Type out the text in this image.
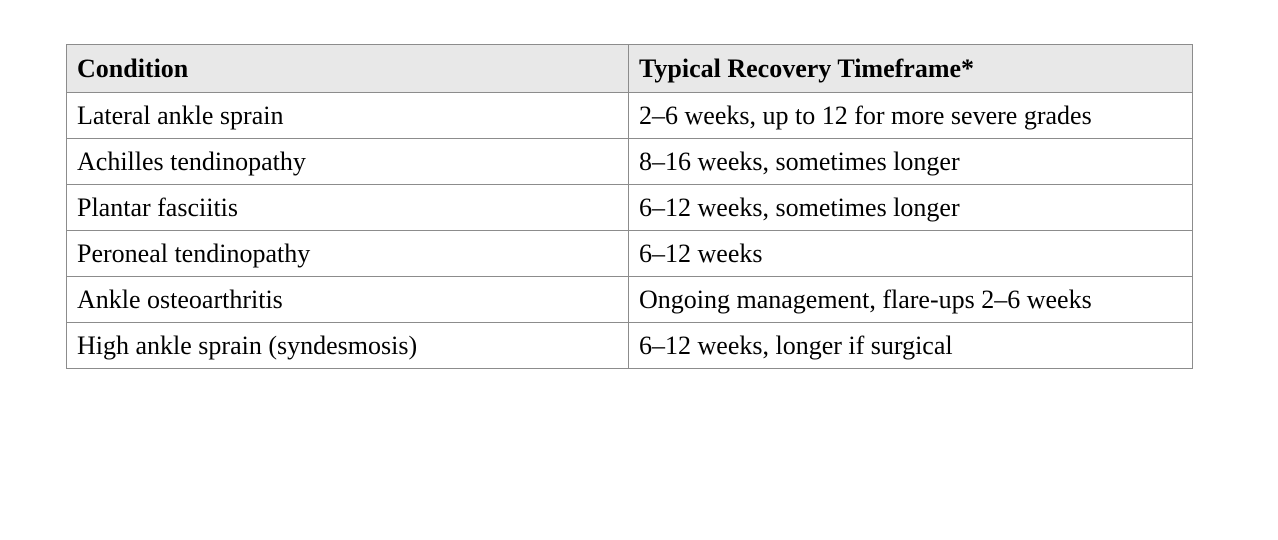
Condition	Typical Recovery Timeframe*
Lateral ankle sprain	2–6 weeks, up to 12 for more severe grades
Achilles tendinopathy	8–16 weeks, sometimes longer
Plantar fasciitis	6–12 weeks, sometimes longer
Peroneal tendinopathy	6–12 weeks
Ankle osteoarthritis	Ongoing management, flare-ups 2–6 weeks
High ankle sprain (syndesmosis)	6–12 weeks, longer if surgical
